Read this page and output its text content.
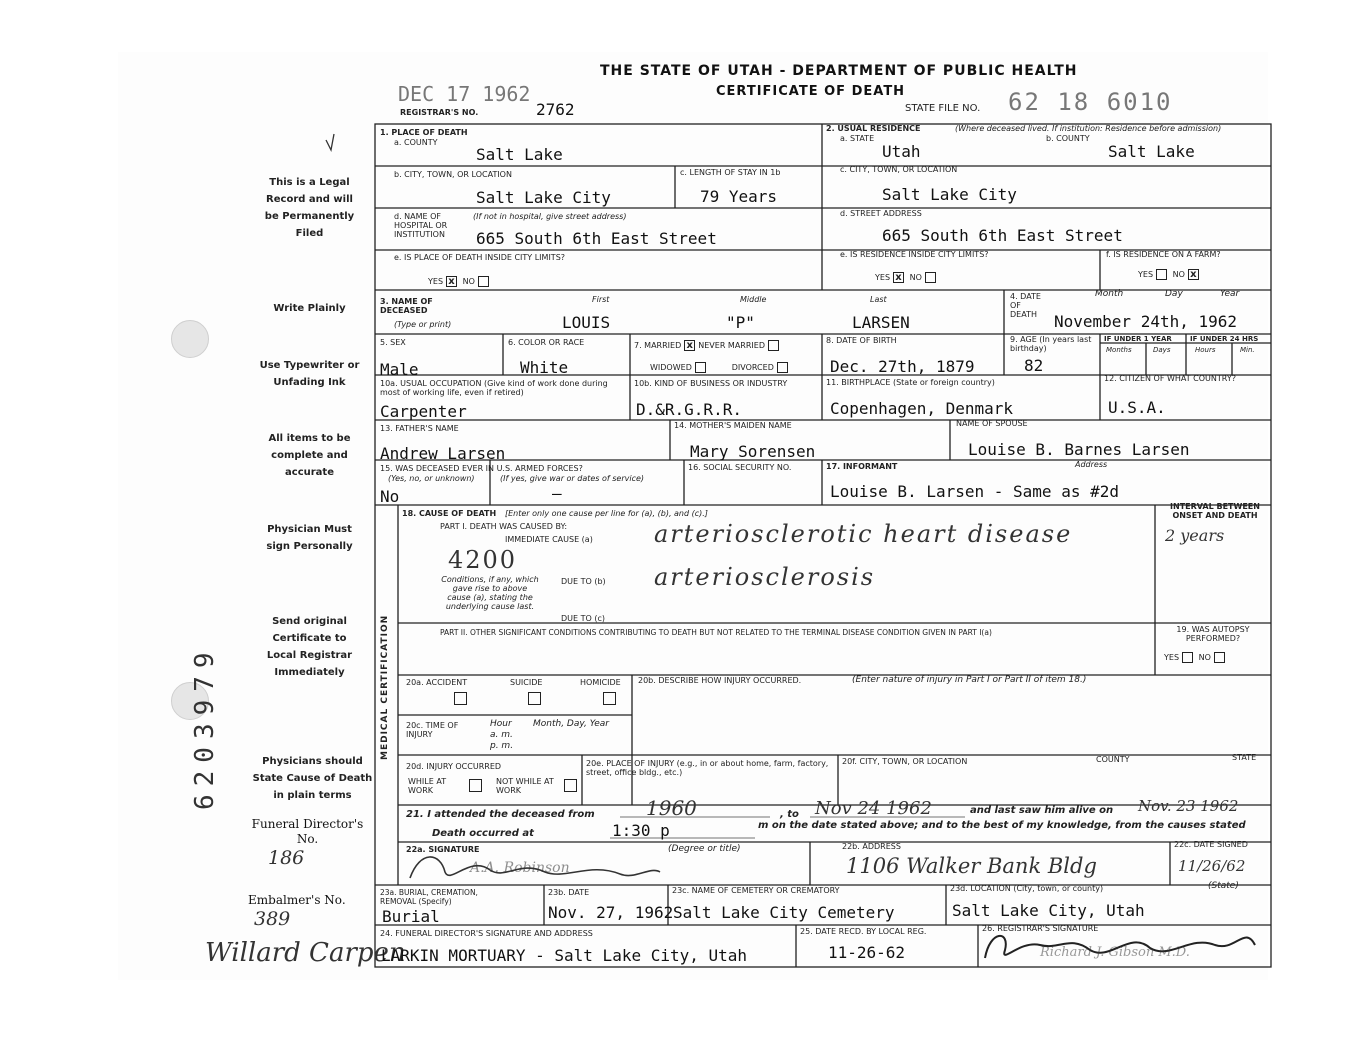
THE STATE OF UTAH - DEPARTMENT OF PUBLIC HEALTH
CERTIFICATE OF DEATH
DEC 17 1962
REGISTRAR'S NO.	2762	STATE FILE NO. 62 18 6010
This is a Legal Record and will be Permanently Filed
Write Plainly
Use Typewriter or Unfading Ink
All items to be complete and accurate
Physician Must sign Personally
Send original Certificate to Local Registrar Immediately
Physicians should State Cause of Death in plain terms
Funeral Director's No.
186
Embalmer's No.
389
6203979
Willard Carpen
1. PLACE OF DEATH
a. COUNTY
Salt Lake
2. USUAL RESIDENCE	(Where deceased lived. If institution: Residence before admission)
a. STATE	b. COUNTY
Utah	Salt Lake
b. CITY, TOWN, OR LOCATION
Salt Lake City
c. LENGTH OF STAY IN 1b
79 Years
c. CITY, TOWN, OR LOCATION
Salt Lake City
d. NAME OF HOSPITAL OR INSTITUTION
(If not in hospital, give street address)
665 South 6th East Street
d. STREET ADDRESS
665 South 6th East Street
e. IS PLACE OF DEATH INSIDE CITY LIMITS?
YES x NO
e. IS RESIDENCE INSIDE CITY LIMITS?
YES x NO
f. IS RESIDENCE ON A FARM?
YES NO x
3. NAME OF DECEASED
(Type or print)
First	Middle	Last
LOUIS	"P"	LARSEN
4. DATE OF DEATH
Month	Day	Year
November 24th, 1962
5. SEX
Male
6. COLOR OR RACE
White
7. MARRIED x NEVER MARRIED
WIDOWED	DIVORCED
8. DATE OF BIRTH
Dec. 27th, 1879
9. AGE (In years last birthday)
82
IF UNDER 1 YEAR	IF UNDER 24 HRS
Months	Days	Hours	Min.
10a. USUAL OCCUPATION (Give kind of work done during most of working life, even if retired)
Carpenter
10b. KIND OF BUSINESS OR INDUSTRY
D.&R.G.R.R.
11. BIRTHPLACE (State or foreign country)
Copenhagen, Denmark
12. CITIZEN OF WHAT COUNTRY?
U.S.A.
13. FATHER'S NAME
Andrew Larsen
14. MOTHER'S MAIDEN NAME
Mary Sorensen
NAME OF SPOUSE
Louise B. Barnes Larsen
15. WAS DECEASED EVER IN U.S. ARMED FORCES?
(Yes, no, or unknown)	(If yes, give war or dates of service)
No	—
16. SOCIAL SECURITY NO.	17. INFORMANT	Address
Louise B. Larsen - Same as #2d
MEDICAL CERTIFICATION
18. CAUSE OF DEATH [Enter only one cause per line for (a), (b), and (c).]
PART I. DEATH WAS CAUSED BY:
IMMEDIATE CAUSE (a)	arteriosclerotic heart disease
4200
Conditions, if any, which gave rise to above cause (a), stating the underlying cause last.
DUE TO (b) arteriosclerosis
DUE TO (c)
INTERVAL BETWEEN ONSET AND DEATH
2 years
PART II. OTHER SIGNIFICANT CONDITIONS CONTRIBUTING TO DEATH BUT NOT RELATED TO THE TERMINAL DISEASE CONDITION GIVEN IN PART I(a)	19. WAS AUTOPSY PERFORMED?
YES NO
20a. ACCIDENT	SUICIDE	HOMICIDE 20b. DESCRIBE HOW INJURY OCCURRED.	(Enter nature of injury in Part I or Part II of item 18.)
20c. TIME OF INJURY
Hour
a. m.
p. m.
Month, Day, Year
20d. INJURY OCCURRED
WHILE AT WORK
NOT WHILE AT WORK
20e. PLACE OF INJURY (e.g., in or about home, farm, factory, street, office bldg., etc.)
20f. CITY, TOWN, OR LOCATION	COUNTY	STATE
21. I attended the deceased from	1960	, to Nov 24 1962	and last saw him alive on Nov. 23 1962
Death occurred at	1:30 p	m on the date stated above; and to the best of my knowledge, from the causes stated
22a. SIGNATURE	(Degree or title)
A.A. Robinson
22b. ADDRESS
1106 Walker Bank Bldg
22c. DATE SIGNED
11/26/62
23a. BURIAL, CREMATION, REMOVAL (Specify)
Burial
23b. DATE
Nov. 27, 1962
23c. NAME OF CEMETERY OR CREMATORY
Salt Lake City Cemetery
23d. LOCATION (City, town, or county)	(State)
Salt Lake City, Utah
24. FUNERAL DIRECTOR'S SIGNATURE AND ADDRESS
LARKIN MORTUARY - Salt Lake City, Utah
25. DATE RECD. BY LOCAL REG.
11-26-62
26. REGISTRAR'S SIGNATURE
Richard J. Gibson M.D.
